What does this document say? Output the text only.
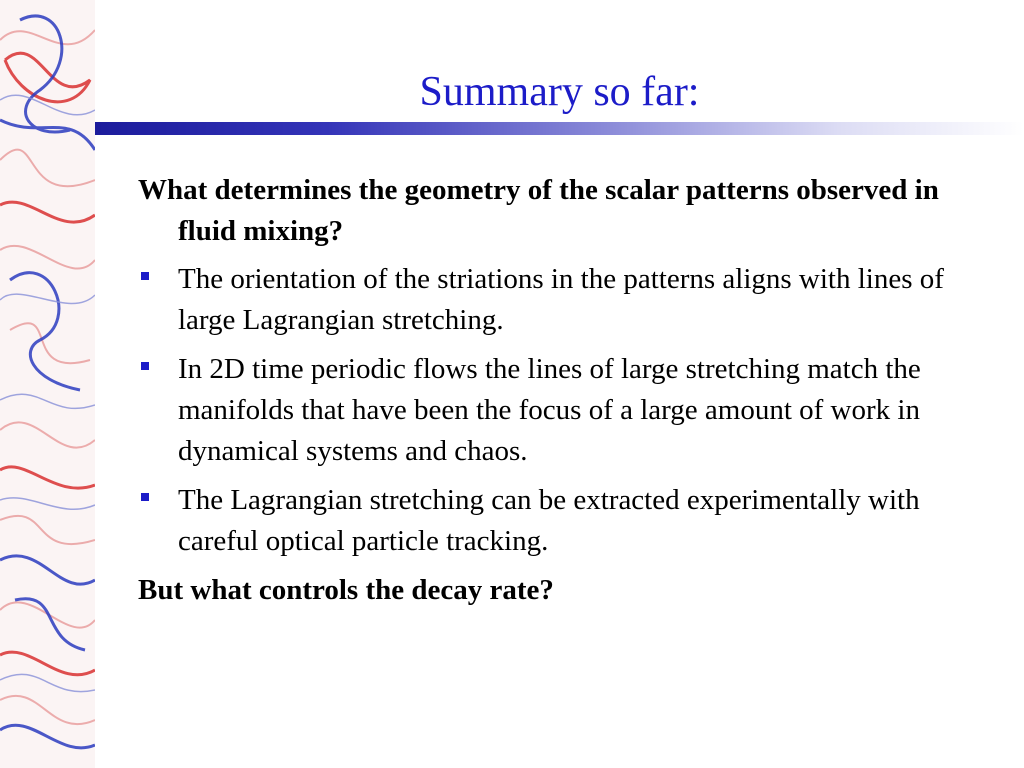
Summary so far:

What determines the geometry of the scalar patterns observed in fluid mixing?

The orientation of the striations in the patterns aligns with lines of large Lagrangian stretching.
In 2D time periodic flows the lines of large stretching match the manifolds that have been the focus of a large amount of work in dynamical systems and chaos.
The Lagrangian stretching can be extracted experimentally with careful optical particle tracking.

But what controls the decay rate?
